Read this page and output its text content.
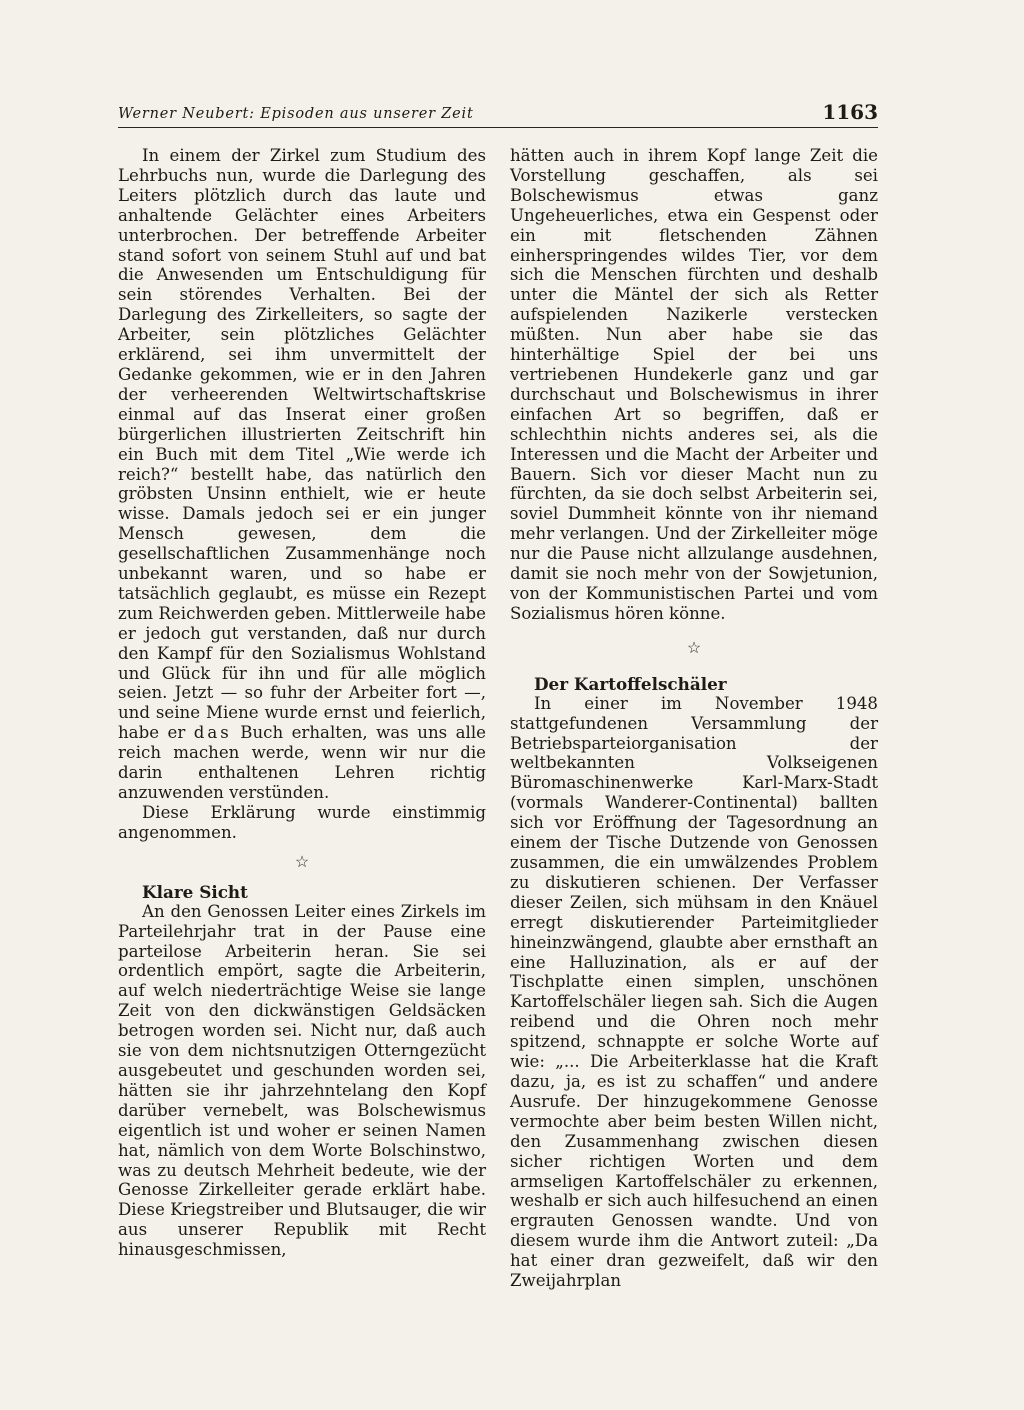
Werner Neubert: Episoden aus unserer Zeit	1163

In einem der Zirkel zum Studium des Lehrbuchs nun, wurde die Darlegung des Leiters plötzlich durch das laute und anhaltende Gelächter eines Arbeiters unterbrochen. Der betreffende Arbeiter stand sofort von seinem Stuhl auf und bat die Anwesenden um Entschuldigung für sein störendes Verhalten. Bei der Darlegung des Zirkelleiters, so sagte der Arbeiter, sein plötzliches Gelächter erklärend, sei ihm unvermittelt der Gedanke gekommen, wie er in den Jahren der verheerenden Weltwirtschaftskrise einmal auf das Inserat einer großen bürgerlichen illustrierten Zeitschrift hin ein Buch mit dem Titel „Wie werde ich reich?“ bestellt habe, das natürlich den gröbsten Unsinn enthielt, wie er heute wisse. Damals jedoch sei er ein junger Mensch gewesen, dem die gesellschaftlichen Zusammenhänge noch unbekannt waren, und so habe er tatsächlich geglaubt, es müsse ein Rezept zum Reichwerden geben. Mittlerweile habe er jedoch gut verstanden, daß nur durch den Kampf für den Sozialismus Wohlstand und Glück für ihn und für alle möglich seien. Jetzt — so fuhr der Arbeiter fort —, und seine Miene wurde ernst und feierlich, habe er das Buch erhalten, was uns alle reich machen werde, wenn wir nur die darin enthaltenen Lehren richtig anzuwenden verstünden.

Diese Erklärung wurde einstimmig angenommen.

☆

Klare Sicht

An den Genossen Leiter eines Zirkels im Parteilehrjahr trat in der Pause eine parteilose Arbeiterin heran. Sie sei ordentlich empört, sagte die Arbeiterin, auf welch niederträchtige Weise sie lange Zeit von den dickwänstigen Geldsäcken betrogen worden sei. Nicht nur, daß auch sie von dem nichtsnutzigen Otterngezücht ausgebeutet und geschunden worden sei, hätten sie ihr jahrzehntelang den Kopf darüber vernebelt, was Bolschewismus eigentlich ist und woher er seinen Namen hat, nämlich von dem Worte Bolschinstwo, was zu deutsch Mehrheit bedeute, wie der Genosse Zirkelleiter gerade erklärt habe. Diese Kriegstreiber und Blutsauger, die wir aus unserer Republik mit Recht hinausgeschmissen,

hätten auch in ihrem Kopf lange Zeit die Vorstellung geschaffen, als sei Bolschewismus etwas ganz Ungeheuerliches, etwa ein Gespenst oder ein mit fletschenden Zähnen einherspringendes wildes Tier, vor dem sich die Menschen fürchten und deshalb unter die Mäntel der sich als Retter aufspielenden Nazikerle verstecken müßten. Nun aber habe sie das hinterhältige Spiel der bei uns vertriebenen Hundekerle ganz und gar durchschaut und Bolschewismus in ihrer einfachen Art so begriffen, daß er schlechthin nichts anderes sei, als die Interessen und die Macht der Arbeiter und Bauern. Sich vor dieser Macht nun zu fürchten, da sie doch selbst Arbeiterin sei, soviel Dummheit könnte von ihr niemand mehr verlangen. Und der Zirkelleiter möge nur die Pause nicht allzulange ausdehnen, damit sie noch mehr von der Sowjetunion, von der Kommunistischen Partei und vom Sozialismus hören könne.

☆

Der Kartoffelschäler

In einer im November 1948 stattgefundenen Versammlung der Betriebsparteiorganisation der weltbekannten Volkseigenen Büromaschinenwerke Karl-Marx-Stadt (vormals Wanderer-Continental) ballten sich vor Eröffnung der Tagesordnung an einem der Tische Dutzende von Genossen zusammen, die ein umwälzendes Problem zu diskutieren schienen. Der Verfasser dieser Zeilen, sich mühsam in den Knäuel erregt diskutierender Parteimitglieder hineinzwängend, glaubte aber ernsthaft an eine Halluzination, als er auf der Tischplatte einen simplen, unschönen Kartoffelschäler liegen sah. Sich die Augen reibend und die Ohren noch mehr spitzend, schnappte er solche Worte auf wie: „... Die Arbeiterklasse hat die Kraft dazu, ja, es ist zu schaffen“ und andere Ausrufe. Der hinzugekommene Genosse vermochte aber beim besten Willen nicht, den Zusammenhang zwischen diesen sicher richtigen Worten und dem armseligen Kartoffelschäler zu erkennen, weshalb er sich auch hilfesuchend an einen ergrauten Genossen wandte. Und von diesem wurde ihm die Antwort zuteil: „Da hat einer dran gezweifelt, daß wir den Zweijahrplan
